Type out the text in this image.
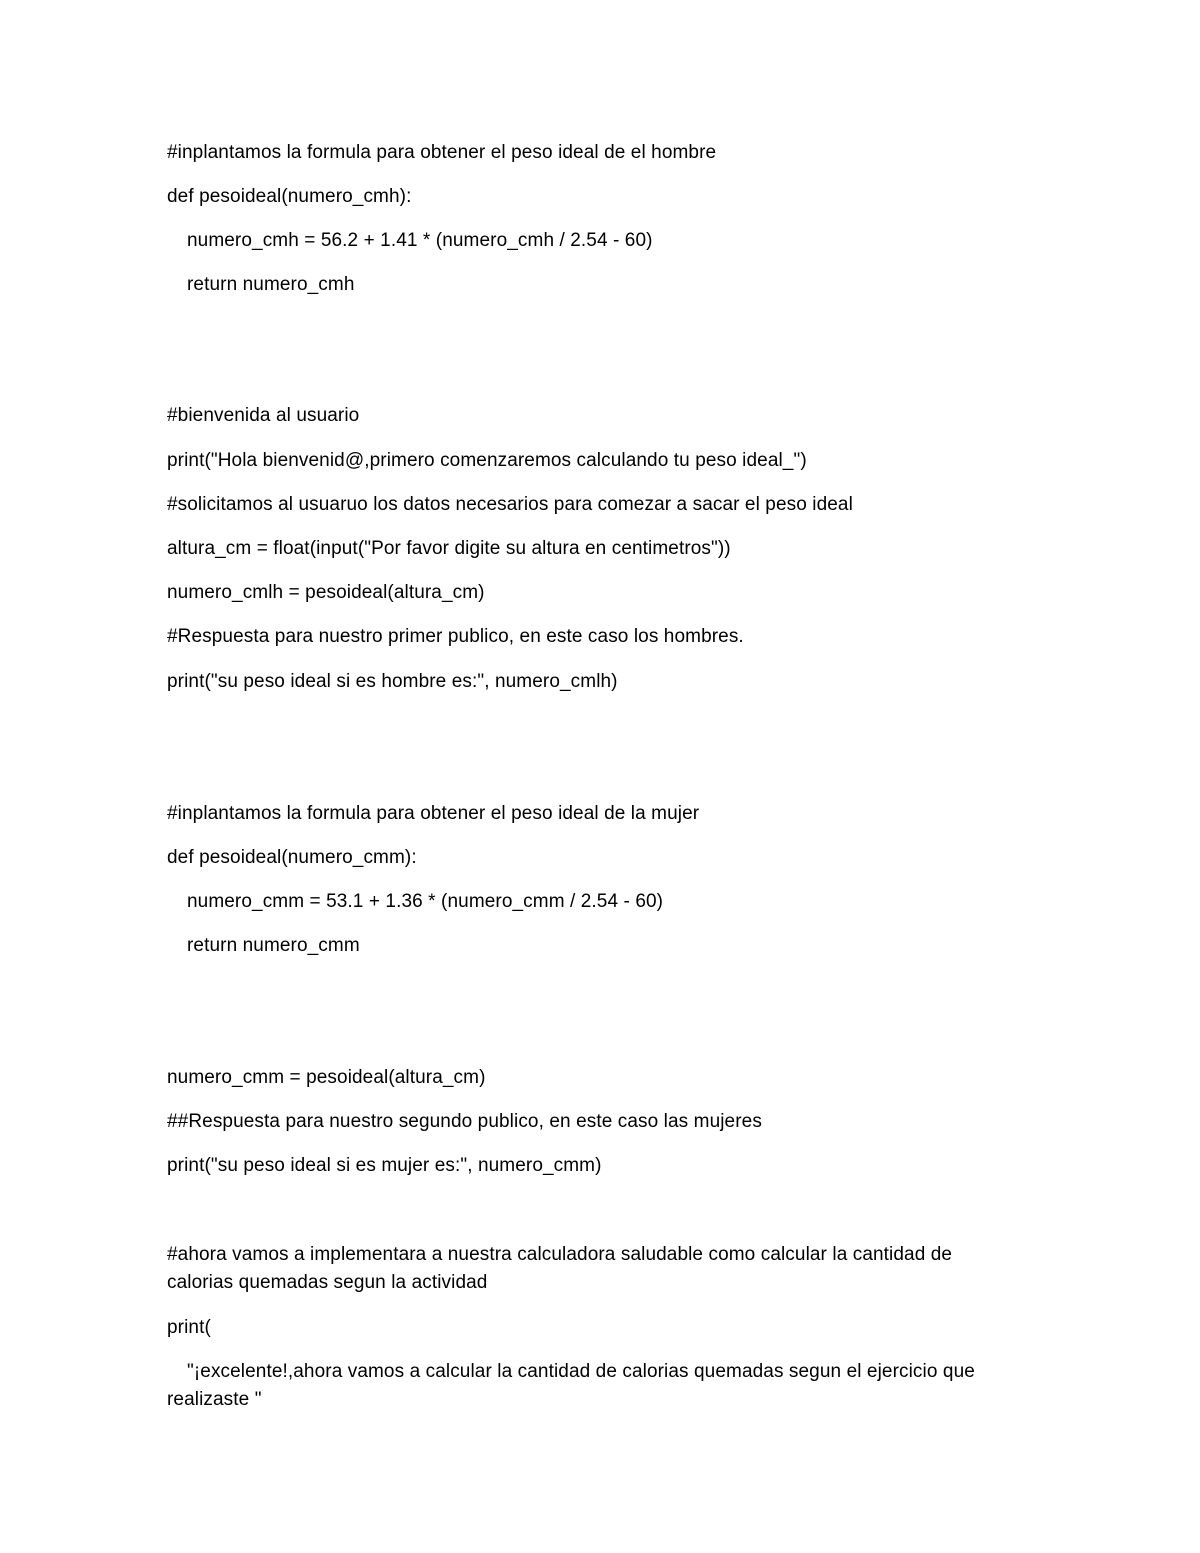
#inplantamos la formula para obtener el peso ideal de el hombre
def pesoideal(numero_cmh):
numero_cmh = 56.2 + 1.41 * (numero_cmh / 2.54 - 60)
return numero_cmh
#bienvenida al usuario
print("Hola bienvenid@,primero comenzaremos calculando tu peso ideal_")
#solicitamos al usuaruo los datos necesarios para comezar a sacar el peso ideal
altura_cm = float(input("Por favor digite su altura en centimetros"))
numero_cmlh = pesoideal(altura_cm)
#Respuesta para nuestro primer publico, en este caso los hombres.
print("su peso ideal si es hombre es:", numero_cmlh)
#inplantamos la formula para obtener el peso ideal de la mujer
def pesoideal(numero_cmm):
numero_cmm = 53.1 + 1.36 * (numero_cmm / 2.54 - 60)
return numero_cmm
numero_cmm = pesoideal(altura_cm)
##Respuesta para nuestro segundo publico, en este caso las mujeres
print("su peso ideal si es mujer es:", numero_cmm)
#ahora vamos a implementara a nuestra calculadora saludable como calcular la cantidad de calorias quemadas segun la actividad
print(
"¡excelente!,ahora vamos a calcular la cantidad de calorias quemadas segun el ejercicio que realizaste "
